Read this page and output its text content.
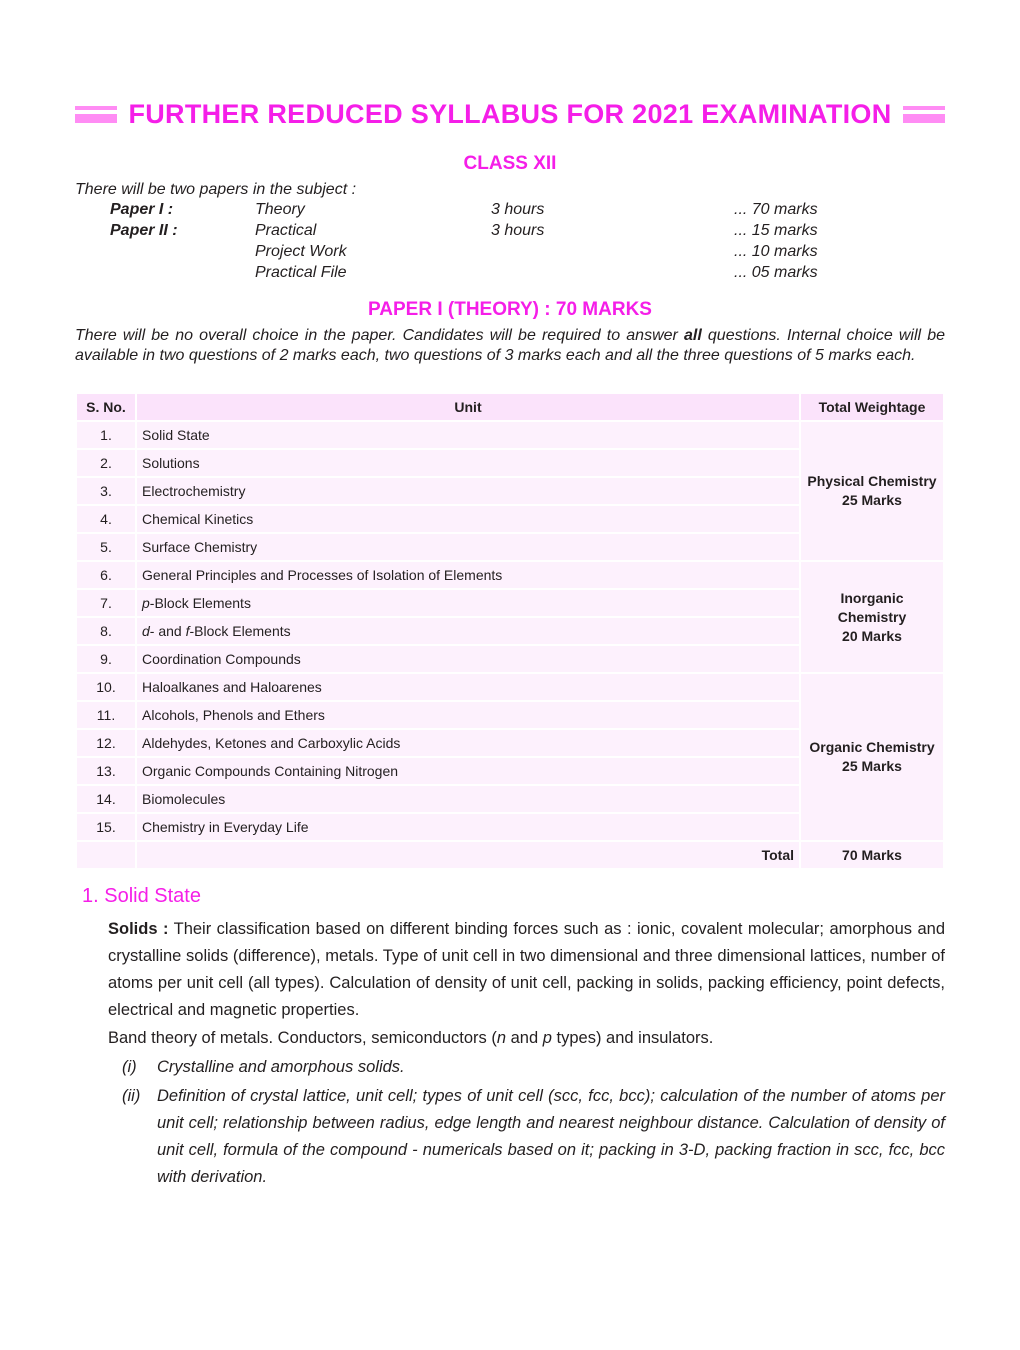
FURTHER REDUCED SYLLABUS FOR 2021 EXAMINATION
CLASS XII
There will be two papers in the subject :
Paper I :	Theory	3 hours	... 70 marks
Paper II :	Practical	3 hours	... 15 marks
Project Work	... 10 marks
Practical File	... 05 marks
PAPER I (THEORY) : 70 MARKS
There will be no overall choice in the paper. Candidates will be required to answer all questions. Internal choice will be available in two questions of 2 marks each, two questions of 3 marks each and all the three questions of 5 marks each.
S. No.	Unit	Total Weightage
1.	Solid State	Physical Chemistry
25 Marks

2.	Solutions	
3.	Electrochemistry	
4.	Chemical Kinetics	
5.	Surface Chemistry	
6.	General Principles and Processes of Isolation of Elements	Inorganic Chemistry
20 Marks

7.	p-Block Elements	
8.	d- and f-Block Elements	
9.	Coordination Compounds	
10.	Haloalkanes and Haloarenes	Organic Chemistry
25 Marks

11.	Alcohols, Phenols and Ethers	
12.	Aldehydes, Ketones and Carboxylic Acids	
13.	Organic Compounds Containing Nitrogen	
14.	Biomolecules	
15.	Chemistry in Everyday Life	
	Total	70 Marks
1. Solid State
Solids : Their classification based on different binding forces such as : ionic, covalent molecular; amorphous and crystalline solids (difference), metals. Type of unit cell in two dimensional and three dimensional lattices, number of atoms per unit cell (all types). Calculation of density of unit cell, packing in solids, packing efficiency, point defects, electrical and magnetic properties.
Band theory of metals. Conductors, semiconductors (n and p types) and insulators.
(i) Crystalline and amorphous solids.
(ii) Definition of crystal lattice, unit cell; types of unit cell (scc, fcc, bcc); calculation of the number of atoms per unit cell; relationship between radius, edge length and nearest neighbour distance. Calculation of density of unit cell, formula of the compound - numericals based on it; packing in 3-D, packing fraction in scc, fcc, bcc with derivation.
